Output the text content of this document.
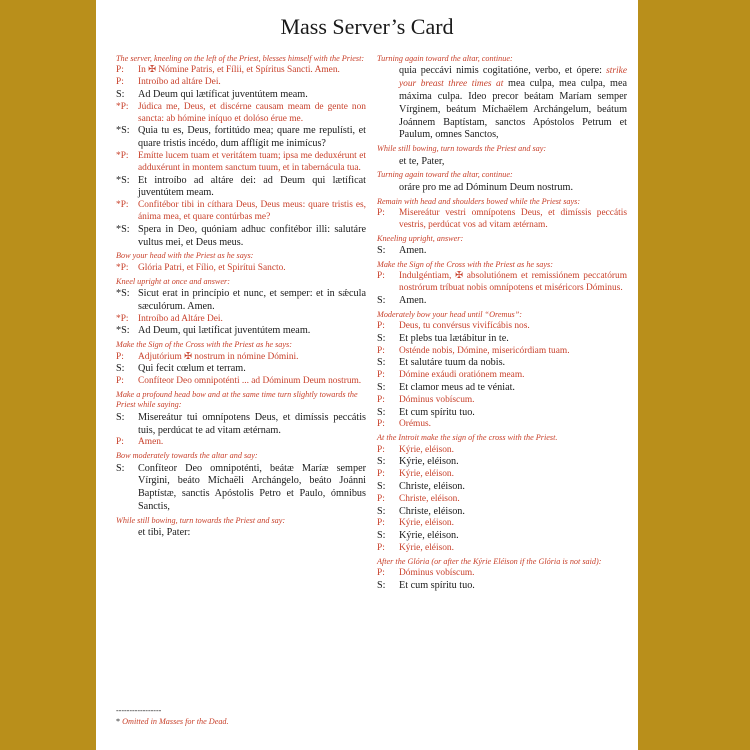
Mass Server’s Card
The server, kneeling on the left of the Priest, blesses himself with the Priest:
P:	In ✠ Nómine Patris, et Fílii, et Spíritus Sancti. Amen.
P:	Introíbo ad altáre Dei.
S:	Ad Deum qui lætíficat juventútem meam.
*P:	Júdica me, Deus, et discérne causam meam de gente non sancta: ab hómine iníquo et dolóso érue me.
*S: Quia tu es, Deus, fortitúdo mea; quare me repulísti, et quare tristis incédo, dum afflígit me inimícus?
*P:	Emítte lucem tuam et veritátem tuam; ipsa me deduxérunt et adduxérunt in montem sanctum tuum, et in tabernácula tua.
*S: Et introíbo ad altáre dei: ad Deum qui lætíficat juventútem meam.
*P:	Confitébor tibi in cíthara Deus, Deus meus: quare tristis es, ánima mea, et quare contúrbas me?
*S: Spera in Deo, quóniam adhuc confitébor illi: salutáre vultus mei, et Deus meus.
Bow your head with the Priest as he says:
*P:	Glória Patri, et Fílio, et Spirítui Sancto.
Kneel upright at once and answer:
*S: Sicut erat in princípio et nunc, et semper: et in sǽcula sæculórum. Amen.
*P:	Introíbo ad Altáre Dei.
*S: Ad Deum, qui lætíficat juventútem meam.
Make the Sign of the Cross with the Priest as he says:
P:	Adjutórium ✠ nostrum in nómine Dómini.
S:	Qui fecit cœlum et terram.
P:	Confíteor Deo omnipoténti ... ad Dóminum Deum nostrum.
Make a profound head bow and at the same time turn slightly towards the Priest while saying:
S:	Misereátur tui omnípotens Deus, et dimíssis peccátis tuis, perdúcat te ad vitam ætérnam.
P:	Amen.
Bow moderately towards the altar and say:
S:	Confíteor Deo omnipoténti, beátæ Maríæ semper Vírgini, beáto Míchaëli Archángelo, beáto Joánni Baptístæ, sanctis Apóstolis Petro et Paulo, ómnibus Sanctis,
While still bowing, turn towards the Priest and say:
et tibi, Pater:
Turning again toward the altar, continue:
quia peccávi nimis cogitatióne, verbo, et ópere: strike your breast three times at mea culpa, mea culpa, mea máxima culpa. Ideo precor beátam Maríam semper Vírginem, beátum Míchaëlem Archángelum, beátum Joánnem Baptístam, sanctos Apóstolos Petrum et Paulum, omnes Sanctos,
While still bowing, turn towards the Priest and say:
et te, Pater,
Turning again toward the altar, continue:
oráre pro me ad Dóminum Deum nostrum.
Remain with head and shoulders bowed while the Priest says:
P:	Misereátur vestri omnípotens Deus, et dimíssis peccátis vestris, perdúcat vos ad vitam ætérnam.
Kneeling upright, answer:
S:	Amen.
Make the Sign of the Cross with the Priest as he says:
P:	Indulgéntiam, ✠ absolutiónem et remissiónem peccatórum nostrórum tríbuat nobis omnípotens et miséricors Dóminus.
S:	Amen.
Moderately bow your head until “Oremus”:
P:	Deus, tu convérsus vivifícábis nos.
S:	Et plebs tua lætábitur in te.
P:	Osténde nobis, Dómine, misericórdiam tuam.
S:	Et salutáre tuum da nobis.
P:	Dómine exáudi oratiónem meam.
S:	Et clamor meus ad te véniat.
P:	Dóminus vobíscum.
S:	Et cum spíritu tuo.
P:	Orémus.
At the Introit make the sign of the cross with the Priest.
P:	Kýrie, eléison.
S:	Kýrie, eléison.
P:	Kýrie, eléison.
S:	Christe, eléison.
P:	Christe, eléison.
S:	Christe, eléison.
P:	Kýrie, eléison.
S:	Kýrie, eléison.
P:	Kýrie, eléison.
After the Glória (or after the Kýrie Eléison if the Glória is not said):
P:	Dóminus vobíscum.
S:	Et cum spíritu tuo.
-----------------
* Omitted in Masses for the Dead.
